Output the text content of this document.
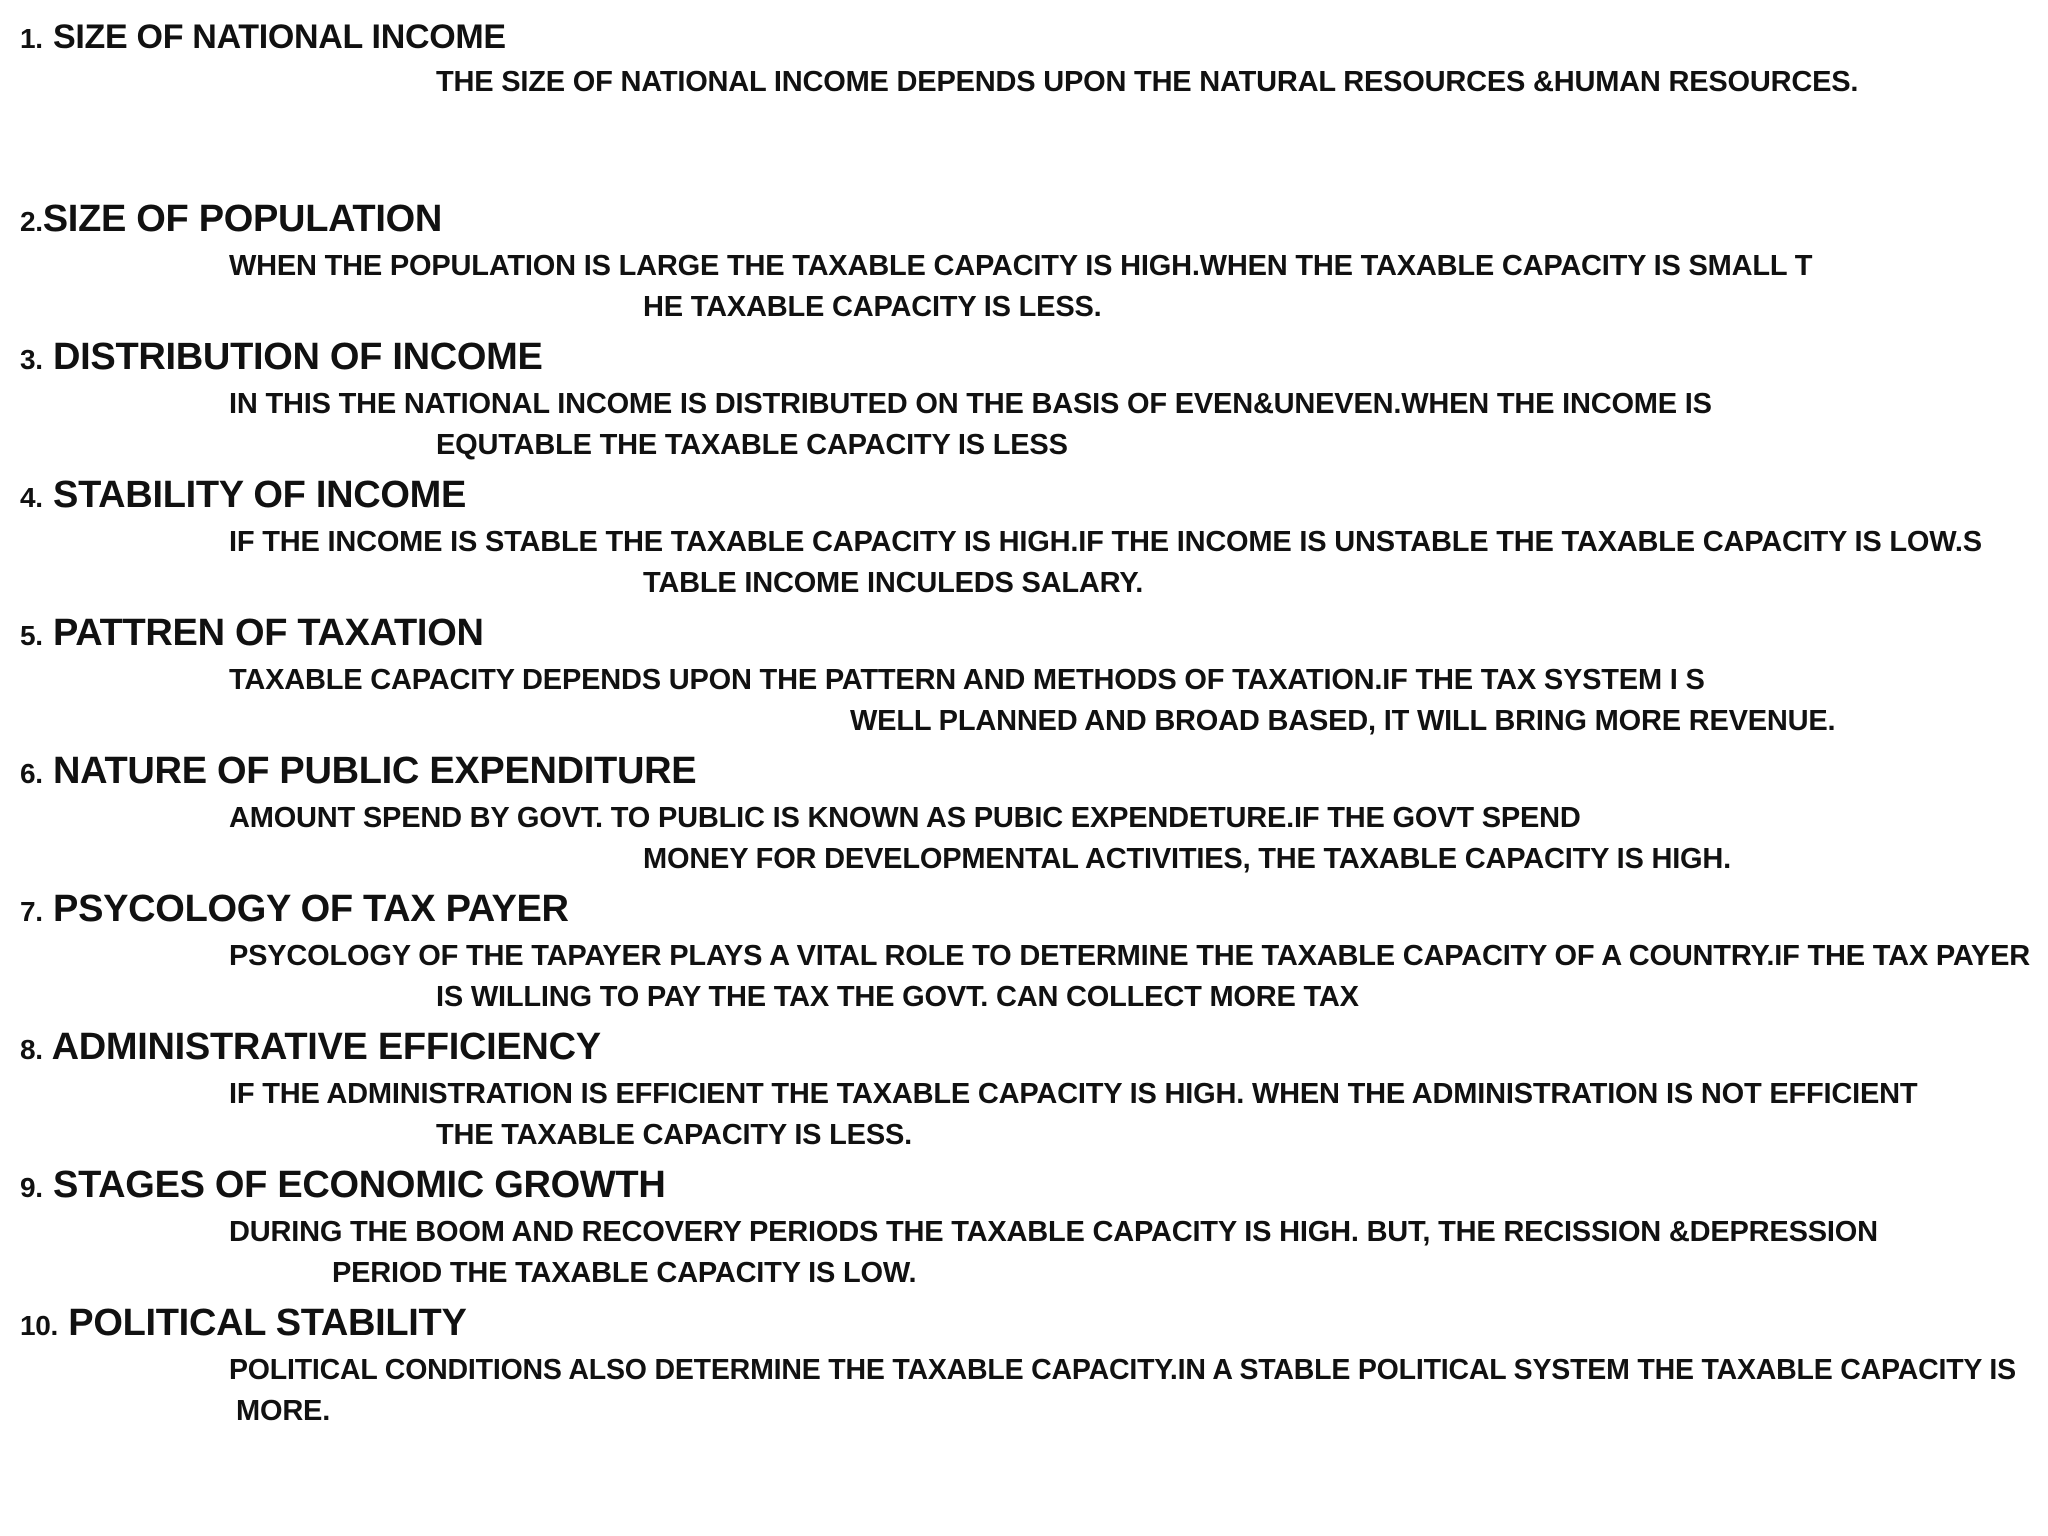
1. SIZE OF NATIONAL INCOME
THE SIZE OF NATIONAL INCOME DEPENDS UPON THE NATURAL RESOURCES &HUMAN RESOURCES.
2.SIZE OF POPULATION
WHEN THE POPULATION IS LARGE THE TAXABLE CAPACITY IS HIGH.WHEN THE TAXABLE CAPACITY IS SMALL T
HE TAXABLE CAPACITY IS LESS.
3. DISTRIBUTION OF INCOME
IN THIS THE NATIONAL INCOME IS DISTRIBUTED ON THE BASIS OF EVEN&UNEVEN.WHEN THE INCOME IS
EQUTABLE THE TAXABLE CAPACITY IS LESS
4. STABILITY OF INCOME
IF THE INCOME IS STABLE THE TAXABLE CAPACITY IS HIGH.IF THE INCOME IS UNSTABLE THE TAXABLE CAPACITY IS LOW.S
TABLE INCOME INCULEDS SALARY.
5. PATTREN OF TAXATION
TAXABLE CAPACITY DEPENDS UPON THE PATTERN AND METHODS OF TAXATION.IF THE TAX SYSTEM I S
WELL PLANNED AND BROAD BASED, IT WILL BRING MORE REVENUE.
6. NATURE OF PUBLIC EXPENDITURE
AMOUNT SPEND BY GOVT. TO PUBLIC IS KNOWN AS PUBIC EXPENDETURE.IF THE GOVT SPEND
MONEY FOR DEVELOPMENTAL ACTIVITIES, THE TAXABLE CAPACITY IS HIGH.
7. PSYCOLOGY OF TAX PAYER
PSYCOLOGY OF THE TAPAYER PLAYS A VITAL ROLE TO DETERMINE THE TAXABLE CAPACITY OF A COUNTRY.IF THE TAX PAYER
IS WILLING TO PAY THE TAX THE GOVT. CAN COLLECT MORE TAX
8. ADMINISTRATIVE EFFICIENCY
IF THE ADMINISTRATION IS EFFICIENT THE TAXABLE CAPACITY IS HIGH. WHEN THE ADMINISTRATION IS NOT EFFICIENT
THE TAXABLE CAPACITY IS LESS.
9. STAGES OF ECONOMIC GROWTH
DURING THE BOOM AND RECOVERY PERIODS THE TAXABLE CAPACITY IS HIGH. BUT, THE RECISSION &DEPRESSION
PERIOD THE TAXABLE CAPACITY IS LOW.
10. POLITICAL STABILITY
POLITICAL CONDITIONS ALSO DETERMINE THE TAXABLE CAPACITY.IN A STABLE POLITICAL SYSTEM THE TAXABLE CAPACITY IS
MORE.
